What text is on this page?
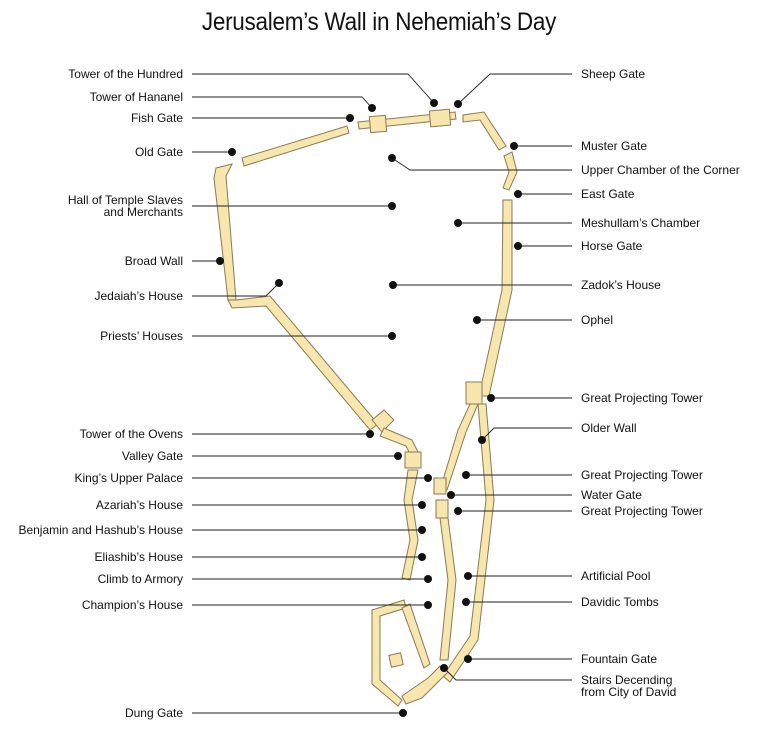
Jerusalem’s Wall in Nehemiah’s Day
Tower of the Hundred
Tower of Hananel
Fish Gate
Old Gate
Hall of Temple Slaves
and Merchants
Broad Wall
Jedaiah’s House
Priests’ Houses
Tower of the Ovens
Valley Gate
King’s Upper Palace
Azariah’s House
Benjamin and Hashub’s House
Eliashib’s House
Climb to Armory
Champion’s House
Dung Gate
Sheep Gate
Muster Gate
Upper Chamber of the Corner
East Gate
Meshullam’s Chamber
Horse Gate
Zadok’s House
Ophel
Great Projecting Tower
Older Wall
Great Projecting Tower
Water Gate
Great Projecting Tower
Artificial Pool
Davidic Tombs
Fountain Gate
Stairs Decending
from City of David
